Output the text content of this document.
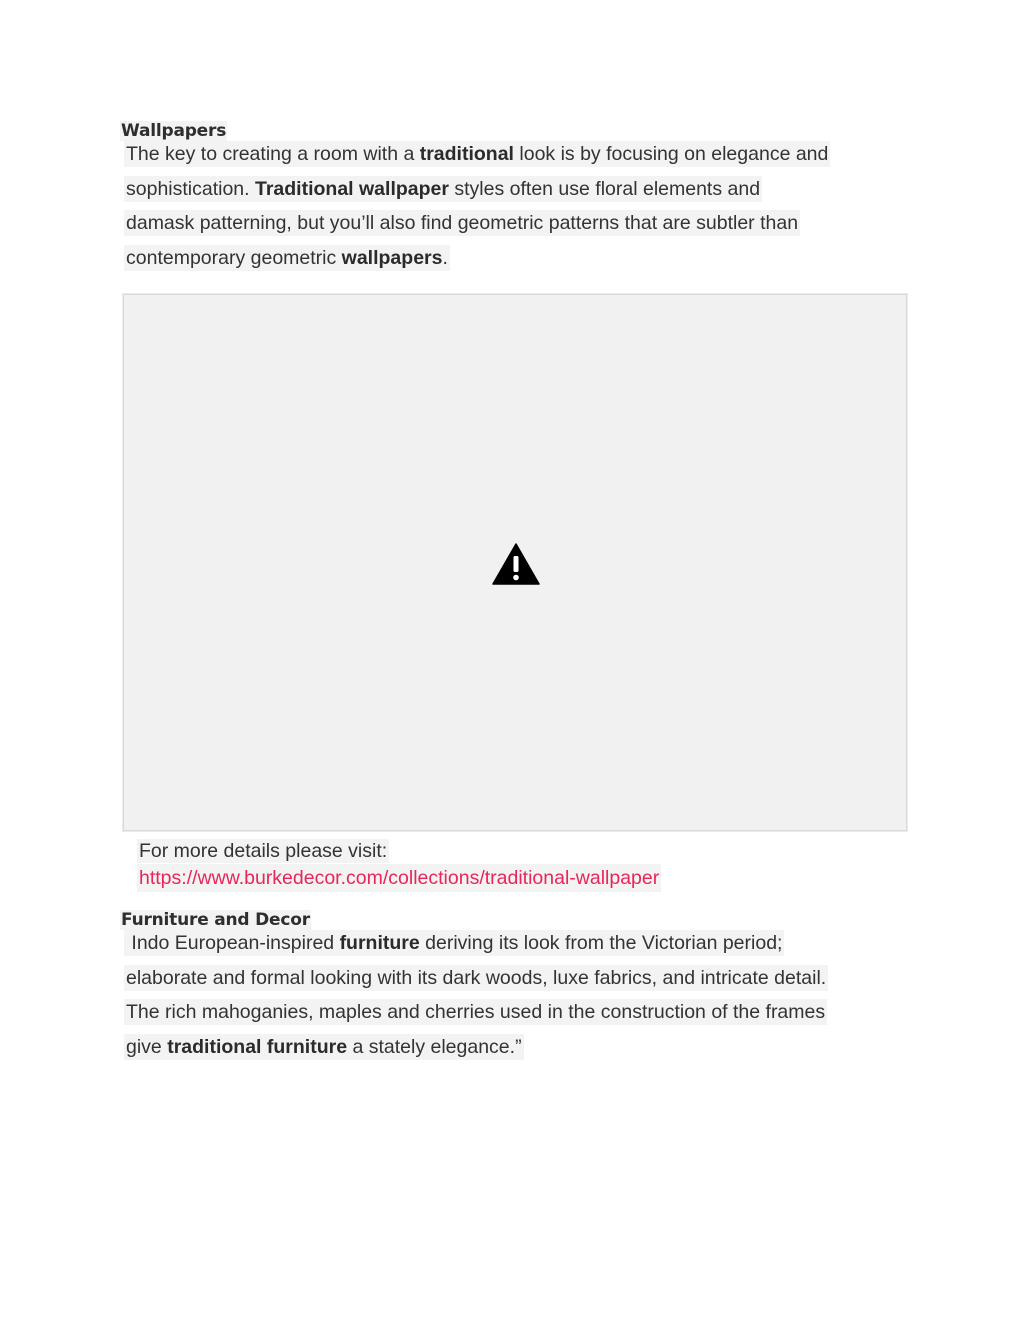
Wallpapers
The key to creating a room with a traditional look is by focusing on elegance and
sophistication. Traditional wallpaper styles often use floral elements and
damask patterning, but you’ll also find geometric patterns that are subtler than
contemporary geometric wallpapers.
For more details please visit:
https://www.burkedecor.com/collections/traditional-wallpaper
Furniture and Decor
Indo European-inspired furniture deriving its look from the Victorian period;
elaborate and formal looking with its dark woods, luxe fabrics, and intricate detail.
The rich mahoganies, maples and cherries used in the construction of the frames
give traditional furniture a stately elegance.”
